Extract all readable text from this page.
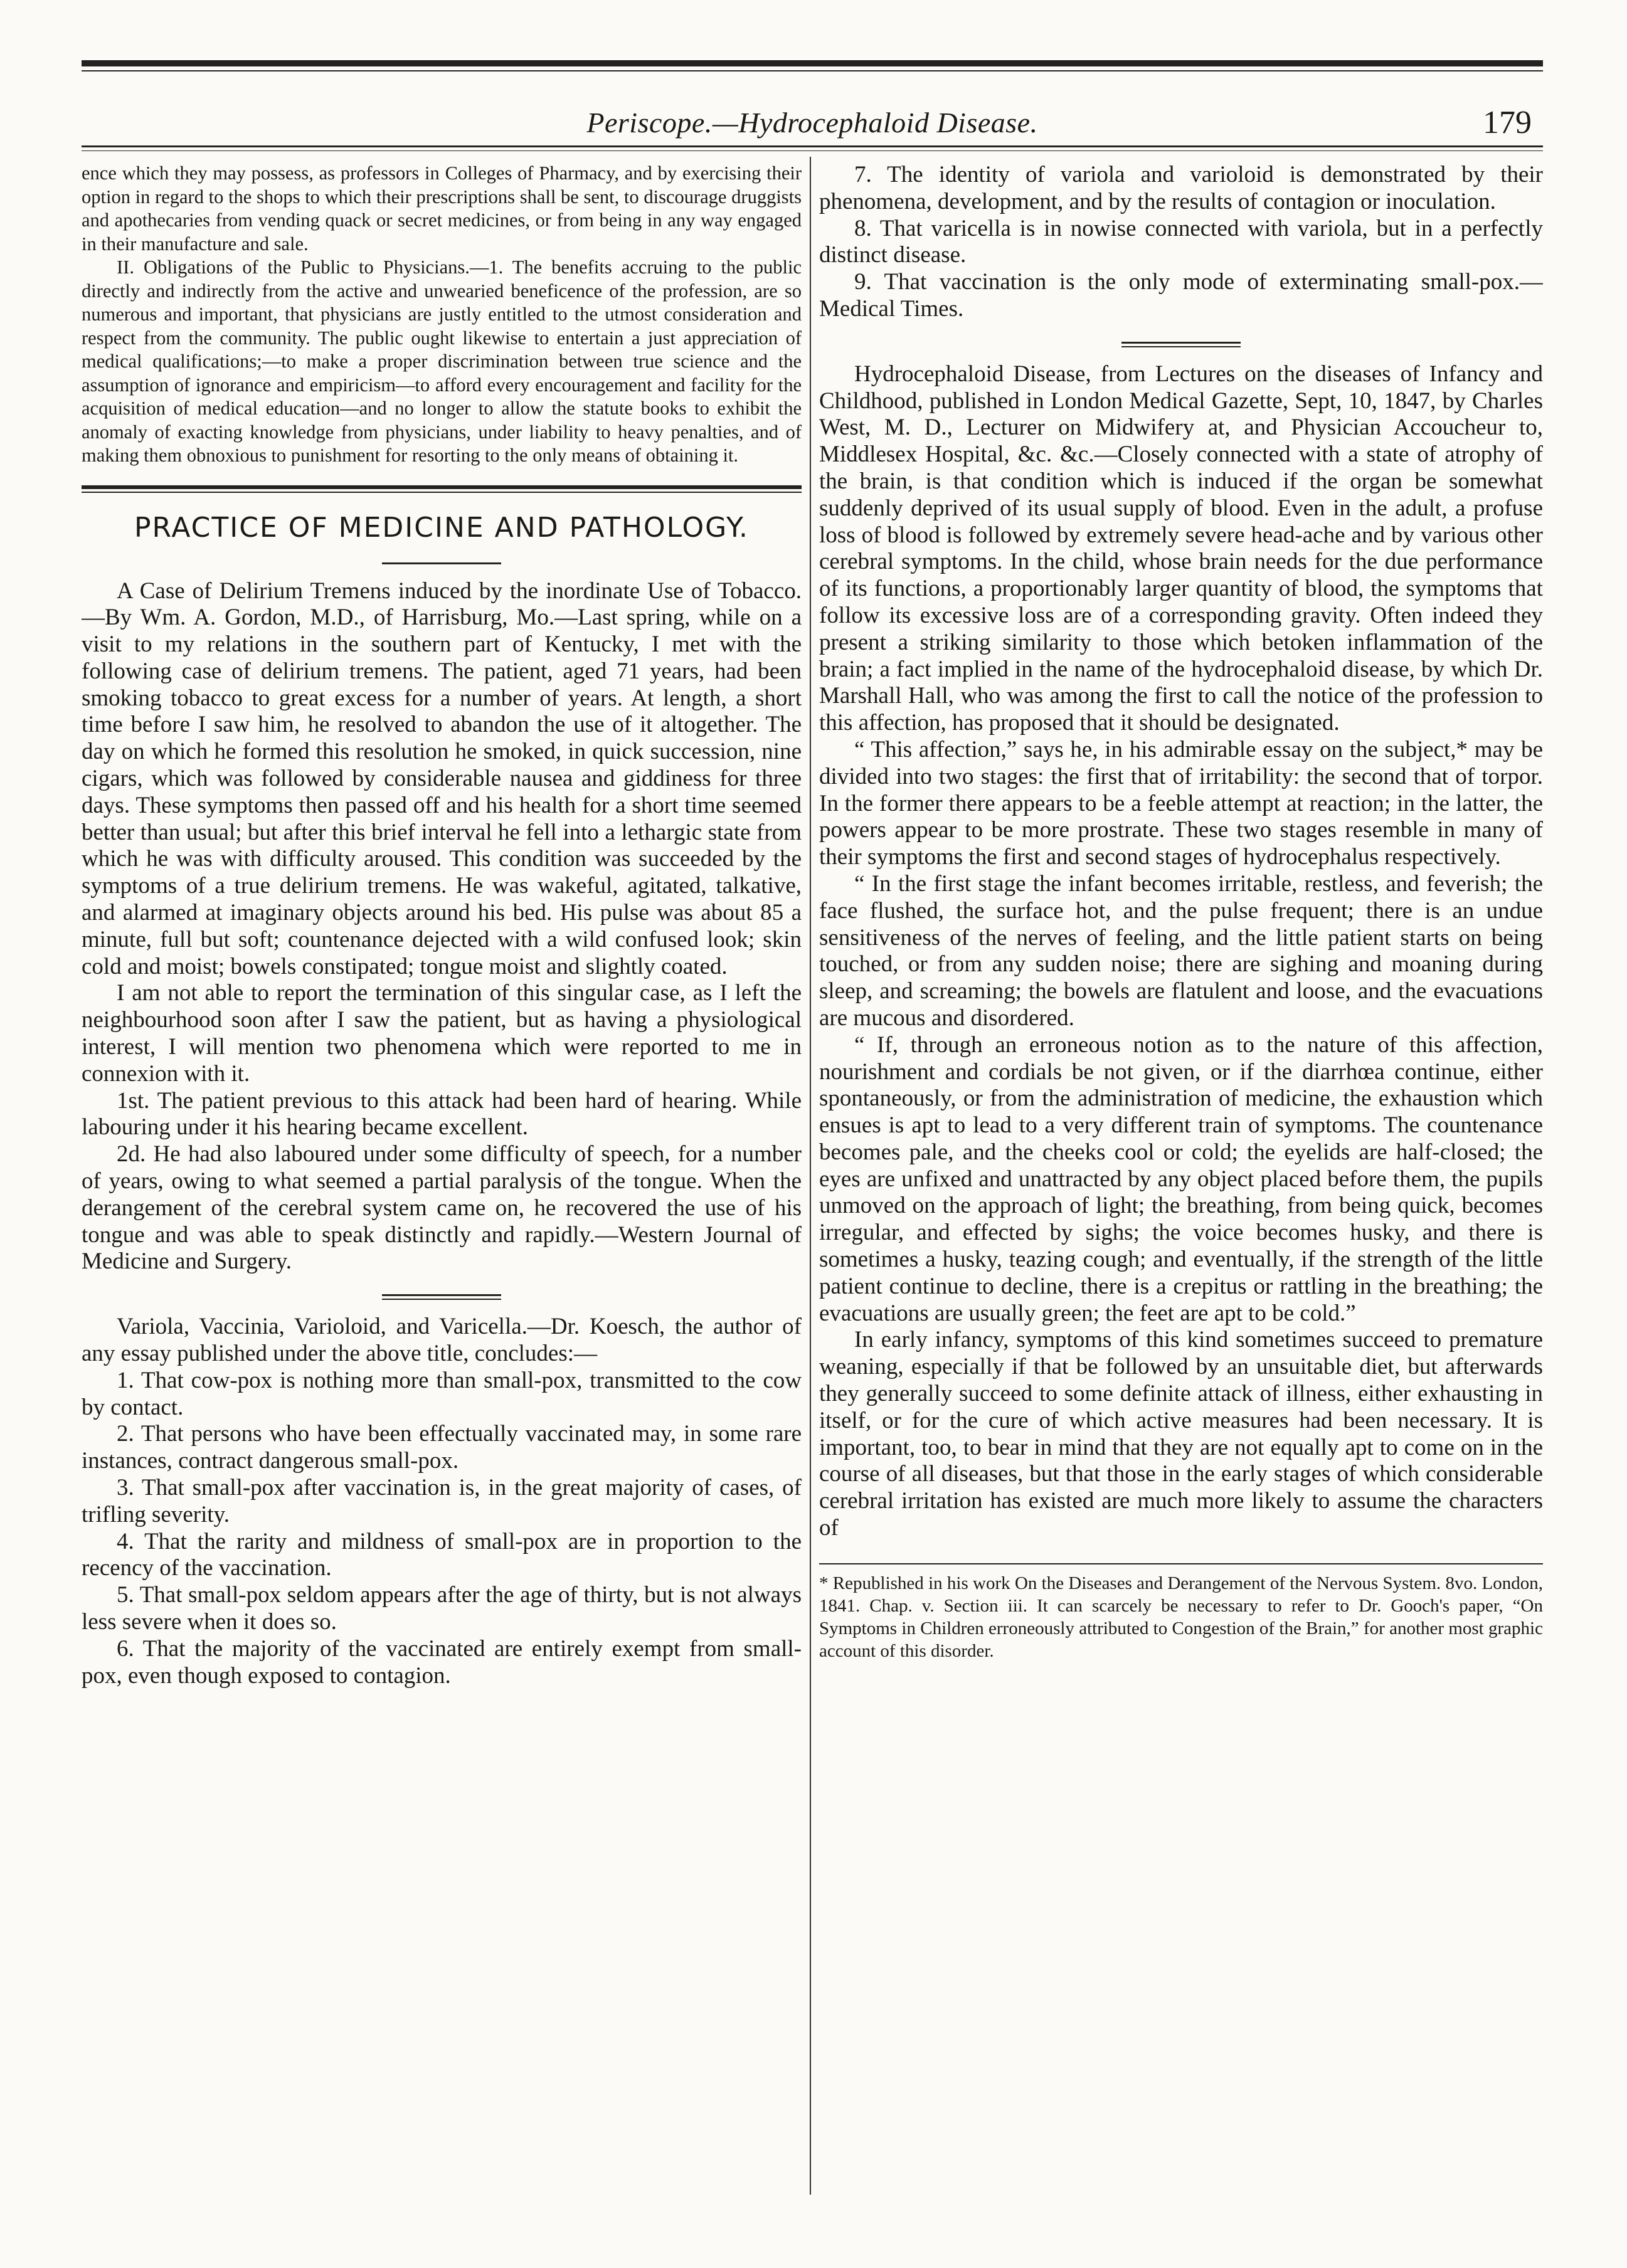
Periscope.—Hydrocephaloid Disease.	179

ence which they may possess, as professors in Colleges of Pharmacy, and by exercising their option in regard to the shops to which their prescriptions shall be sent, to discourage druggists and apothecaries from vending quack or secret medicines, or from being in any way engaged in their manufacture and sale.

II. Obligations of the Public to Physicians.—1. The benefits accruing to the public directly and indirectly from the active and unwearied beneficence of the profession, are so numerous and important, that physicians are justly entitled to the utmost consideration and respect from the community. The public ought likewise to entertain a just appreciation of medical qualifications;—to make a proper discrimination between true science and the assumption of ignorance and empiricism—to afford every encouragement and facility for the acquisition of medical education—and no longer to allow the statute books to exhibit the anomaly of exacting knowledge from physicians, under liability to heavy penalties, and of making them obnoxious to punishment for resorting to the only means of obtaining it.

PRACTICE OF MEDICINE AND PATHOLOGY.

A Case of Delirium Tremens induced by the inordinate Use of Tobacco.—By Wm. A. Gordon, M.D., of Harrisburg, Mo.—Last spring, while on a visit to my relations in the southern part of Kentucky, I met with the following case of delirium tremens. The patient, aged 71 years, had been smoking tobacco to great excess for a number of years. At length, a short time before I saw him, he resolved to abandon the use of it altogether. The day on which he formed this resolution he smoked, in quick succession, nine cigars, which was followed by considerable nausea and giddiness for three days. These symptoms then passed off and his health for a short time seemed better than usual; but after this brief interval he fell into a lethargic state from which he was with difficulty aroused. This condition was succeeded by the symptoms of a true delirium tremens. He was wakeful, agitated, talkative, and alarmed at imaginary objects around his bed. His pulse was about 85 a minute, full but soft; countenance dejected with a wild confused look; skin cold and moist; bowels constipated; tongue moist and slightly coated.

I am not able to report the termination of this singular case, as I left the neighbourhood soon after I saw the patient, but as having a physiological interest, I will mention two phenomena which were reported to me in connexion with it.

1st. The patient previous to this attack had been hard of hearing. While labouring under it his hearing became excellent.

2d. He had also laboured under some difficulty of speech, for a number of years, owing to what seemed a partial paralysis of the tongue. When the derangement of the cerebral system came on, he recovered the use of his tongue and was able to speak distinctly and rapidly.—Western Journal of Medicine and Surgery.

Variola, Vaccinia, Varioloid, and Varicella.—Dr. Koesch, the author of any essay published under the above title, concludes:—

1. That cow-pox is nothing more than small-pox, transmitted to the cow by contact.

2. That persons who have been effectually vaccinated may, in some rare instances, contract dangerous small-pox.

3. That small-pox after vaccination is, in the great majority of cases, of trifling severity.

4. That the rarity and mildness of small-pox are in proportion to the recency of the vaccination.

5. That small-pox seldom appears after the age of thirty, but is not always less severe when it does so.

6. That the majority of the vaccinated are entirely exempt from small-pox, even though exposed to contagion.

7. The identity of variola and varioloid is demonstrated by their phenomena, development, and by the results of contagion or inoculation.

8. That varicella is in nowise connected with variola, but in a perfectly distinct disease.

9. That vaccination is the only mode of exterminating small-pox.—Medical Times.

Hydrocephaloid Disease, from Lectures on the diseases of Infancy and Childhood, published in London Medical Gazette, Sept, 10, 1847, by Charles West, M. D., Lecturer on Midwifery at, and Physician Accoucheur to, Middlesex Hospital, &c. &c.—Closely connected with a state of atrophy of the brain, is that condition which is induced if the organ be somewhat suddenly deprived of its usual supply of blood. Even in the adult, a profuse loss of blood is followed by extremely severe head-ache and by various other cerebral symptoms. In the child, whose brain needs for the due performance of its functions, a proportionably larger quantity of blood, the symptoms that follow its excessive loss are of a corresponding gravity. Often indeed they present a striking similarity to those which betoken inflammation of the brain; a fact implied in the name of the hydrocephaloid disease, by which Dr. Marshall Hall, who was among the first to call the notice of the profession to this affection, has proposed that it should be designated.

“ This affection,” says he, in his admirable essay on the subject,* may be divided into two stages: the first that of irritability: the second that of torpor. In the former there appears to be a feeble attempt at reaction; in the latter, the powers appear to be more prostrate. These two stages resemble in many of their symptoms the first and second stages of hydrocephalus respectively.

“ In the first stage the infant becomes irritable, restless, and feverish; the face flushed, the surface hot, and the pulse frequent; there is an undue sensitiveness of the nerves of feeling, and the little patient starts on being touched, or from any sudden noise; there are sighing and moaning during sleep, and screaming; the bowels are flatulent and loose, and the evacuations are mucous and disordered.

“ If, through an erroneous notion as to the nature of this affection, nourishment and cordials be not given, or if the diarrhœa continue, either spontaneously, or from the administration of medicine, the exhaustion which ensues is apt to lead to a very different train of symptoms. The countenance becomes pale, and the cheeks cool or cold; the eyelids are half-closed; the eyes are unfixed and unattracted by any object placed before them, the pupils unmoved on the approach of light; the breathing, from being quick, becomes irregular, and effected by sighs; the voice becomes husky, and there is sometimes a husky, teazing cough; and eventually, if the strength of the little patient continue to decline, there is a crepitus or rattling in the breathing; the evacuations are usually green; the feet are apt to be cold.”

In early infancy, symptoms of this kind sometimes succeed to premature weaning, especially if that be followed by an unsuitable diet, but afterwards they generally succeed to some definite attack of illness, either exhausting in itself, or for the cure of which active measures had been necessary. It is important, too, to bear in mind that they are not equally apt to come on in the course of all diseases, but that those in the early stages of which considerable cerebral irritation has existed are much more likely to assume the characters of

* Republished in his work On the Diseases and Derangement of the Nervous System. 8vo. London, 1841. Chap. v. Section iii. It can scarcely be necessary to refer to Dr. Gooch's paper, “On Symptoms in Children erroneously attributed to Congestion of the Brain,” for another most graphic account of this disorder.
